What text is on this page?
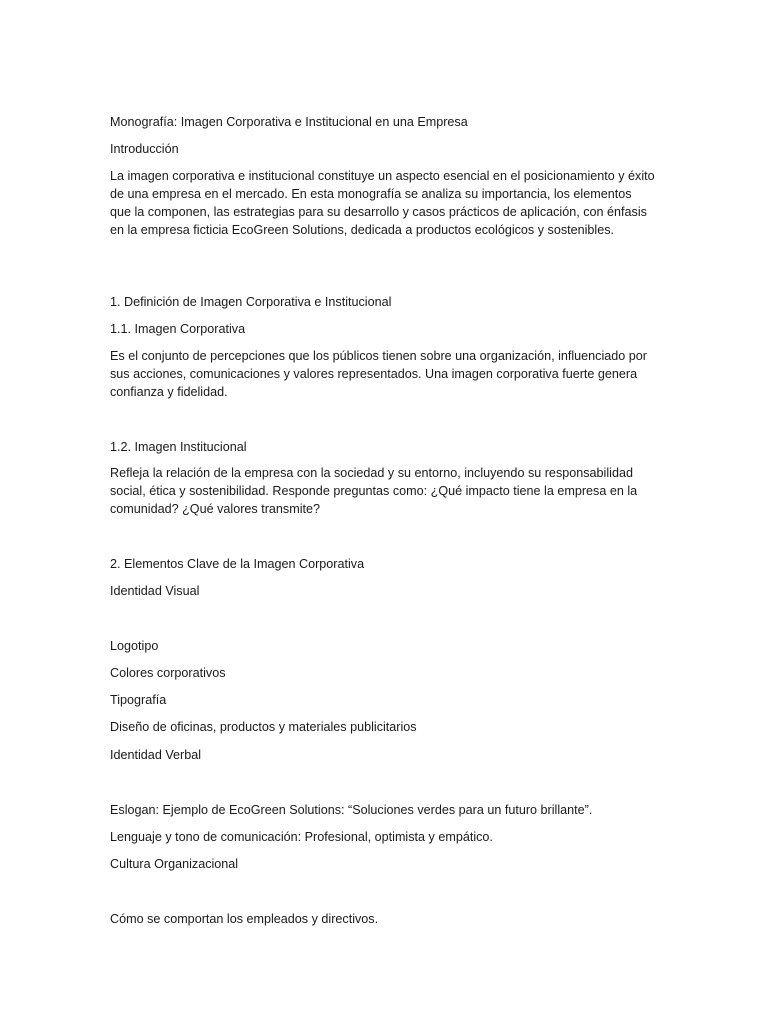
Monografía: Imagen Corporativa e Institucional en una Empresa

Introducción

La imagen corporativa e institucional constituye un aspecto esencial en el posicionamiento y éxito de una empresa en el mercado. En esta monografía se analiza su importancia, los elementos que la componen, las estrategias para su desarrollo y casos prácticos de aplicación, con énfasis en la empresa ficticia EcoGreen Solutions, dedicada a productos ecológicos y sostenibles.

1. Definición de Imagen Corporativa e Institucional

1.1. Imagen Corporativa

Es el conjunto de percepciones que los públicos tienen sobre una organización, influenciado por sus acciones, comunicaciones y valores representados. Una imagen corporativa fuerte genera confianza y fidelidad.

1.2. Imagen Institucional

Refleja la relación de la empresa con la sociedad y su entorno, incluyendo su responsabilidad social, ética y sostenibilidad. Responde preguntas como: ¿Qué impacto tiene la empresa en la comunidad? ¿Qué valores transmite?

2. Elementos Clave de la Imagen Corporativa

Identidad Visual

Logotipo

Colores corporativos

Tipografía

Diseño de oficinas, productos y materiales publicitarios

Identidad Verbal

Eslogan: Ejemplo de EcoGreen Solutions: “Soluciones verdes para un futuro brillante”.

Lenguaje y tono de comunicación: Profesional, optimista y empático.

Cultura Organizacional

Cómo se comportan los empleados y directivos.
